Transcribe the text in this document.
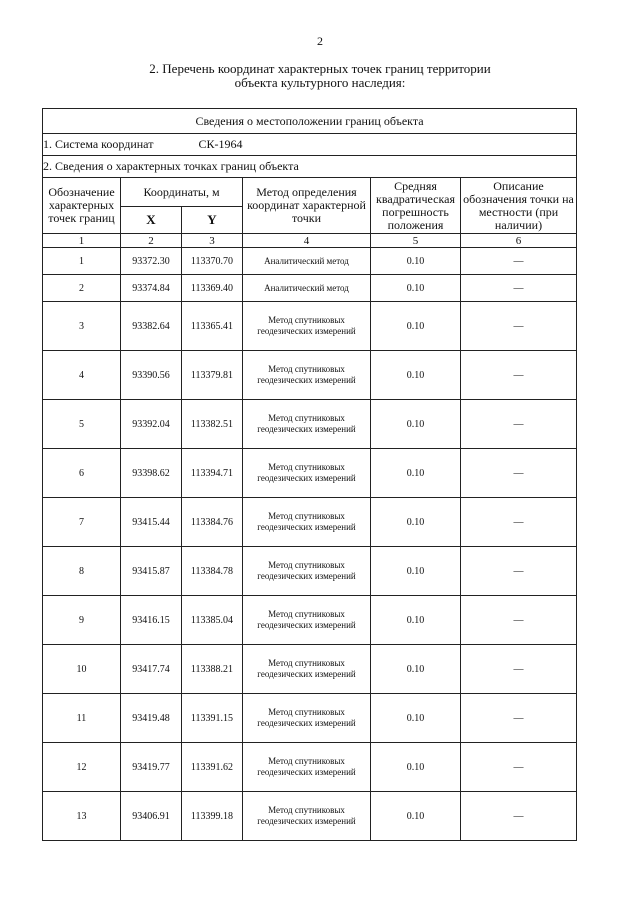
2
2. Перечень координат характерных точек границ территории
объекта культурного наследия:
Сведения о местоположении границ объекта					
1. Система координат СК-1964					
2. Сведения о характерных точках границ объекта					
Обозначение характерных точек границ	Координаты, м		Метод определения координат характерной точки	Средняя квадратическая погрешность положения	Описание обозначения точки на местности (при наличии)
	X	Y			
1	2	3	4	5	6
1	93372.30	113370.70	Аналитический метод	0.10	—
2	93374.84	113369.40	Аналитический метод	0.10	—
3	93382.64	113365.41	Метод спутниковых геодезических измерений	0.10	—
4	93390.56	113379.81	Метод спутниковых геодезических измерений	0.10	—
5	93392.04	113382.51	Метод спутниковых геодезических измерений	0.10	—
6	93398.62	113394.71	Метод спутниковых геодезических измерений	0.10	—
7	93415.44	113384.76	Метод спутниковых геодезических измерений	0.10	—
8	93415.87	113384.78	Метод спутниковых геодезических измерений	0.10	—
9	93416.15	113385.04	Метод спутниковых геодезических измерений	0.10	—
10	93417.74	113388.21	Метод спутниковых геодезических измерений	0.10	—
11	93419.48	113391.15	Метод спутниковых геодезических измерений	0.10	—
12	93419.77	113391.62	Метод спутниковых геодезических измерений	0.10	—
13	93406.91	113399.18	Метод спутниковых геодезических измерений	0.10	—
